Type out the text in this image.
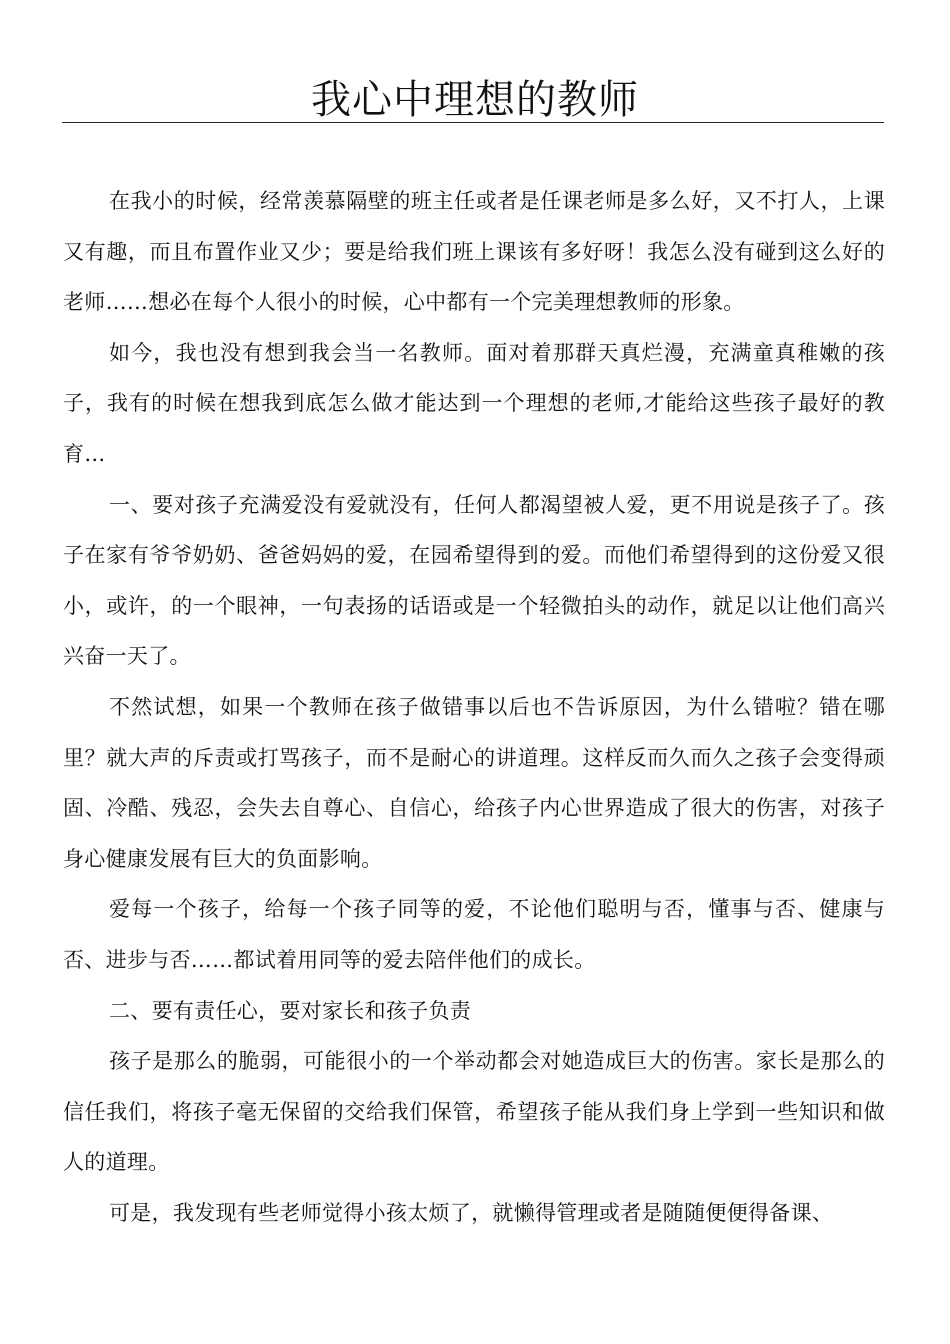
我心中理想的教师

在我小的时候，经常羡慕隔壁的班主任或者是任课老师是多么好，又不打人，上课又有趣，而且布置作业又少；要是给我们班上课该有多好呀！我怎么没有碰到这么好的老师……想必在每个人很小的时候，心中都有一个完美理想教师的形象。

如今，我也没有想到我会当一名教师。面对着那群天真烂漫，充满童真稚嫩的孩子，我有的时候在想我到底怎么做才能达到一个理想的老师,才能给这些孩子最好的教育…

一、要对孩子充满爱没有爱就没有，任何人都渴望被人爱，更不用说是孩子了。孩子在家有爷爷奶奶、爸爸妈妈的爱，在园希望得到的爱。而他们希望得到的这份爱又很小，或许，的一个眼神，一句表扬的话语或是一个轻微拍头的动作，就足以让他们高兴兴奋一天了。

不然试想，如果一个教师在孩子做错事以后也不告诉原因，为什么错啦？错在哪里？就大声的斥责或打骂孩子，而不是耐心的讲道理。这样反而久而久之孩子会变得顽固、冷酷、残忍，会失去自尊心、自信心，给孩子内心世界造成了很大的伤害，对孩子身心健康发展有巨大的负面影响。

爱每一个孩子，给每一个孩子同等的爱，不论他们聪明与否，懂事与否、健康与否、进步与否……都试着用同等的爱去陪伴他们的成长。

二、要有责任心，要对家长和孩子负责

孩子是那么的脆弱，可能很小的一个举动都会对她造成巨大的伤害。家长是那么的信任我们，将孩子毫无保留的交给我们保管，希望孩子能从我们身上学到一些知识和做人的道理。

可是，我发现有些老师觉得小孩太烦了，就懒得管理或者是随随便便得备课、
